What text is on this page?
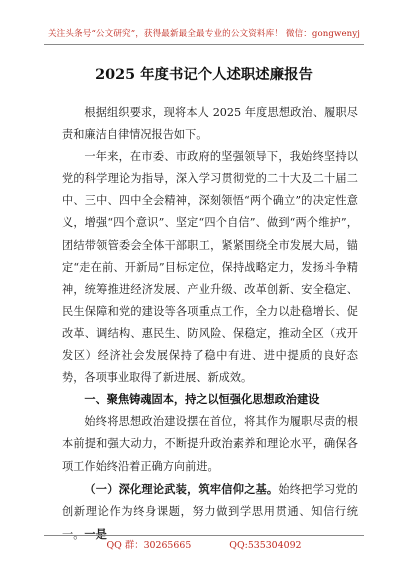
关注头条号“公文研究”，获得最新最全最专业的公文资料库！ 微信：gongwenyj
2025 年度书记个人述职述廉报告

根据组织要求，现将本人 2025 年度思想政治、履职尽责和廉洁自律情况报告如下。

一年来，在市委、市政府的坚强领导下，我始终坚持以党的科学理论为指导，深入学习贯彻党的二十大及二十届二中、三中、四中全会精神，深刻领悟“两个确立”的决定性意义，增强“四个意识”、坚定“四个自信”、做到“两个维护”，团结带领管委会全体干部职工，紧紧围绕全市发展大局，锚定“走在前、开新局”目标定位，保持战略定力，发扬斗争精神，统筹推进经济发展、产业升级、改革创新、安全稳定、民生保障和党的建设等各项重点工作，全力以赴稳增长、促改革、调结构、惠民生、防风险、保稳定，推动全区（戎开发区）经济社会发展保持了稳中有进、进中提质的良好态势，各项事业取得了新进展、新成效。

一、聚焦铸魂固本，持之以恒强化思想政治建设

始终将思想政治建设摆在首位，将其作为履职尽责的根本前提和强大动力，不断提升政治素养和理论水平，确保各项工作始终沿着正确方向前进。

（一）深化理论武装，筑牢信仰之基。始终把学习党的创新理论作为终身课题，努力做到学思用贯通、知信行统一。一是

QQ 群：30265665	QQ:535304092
